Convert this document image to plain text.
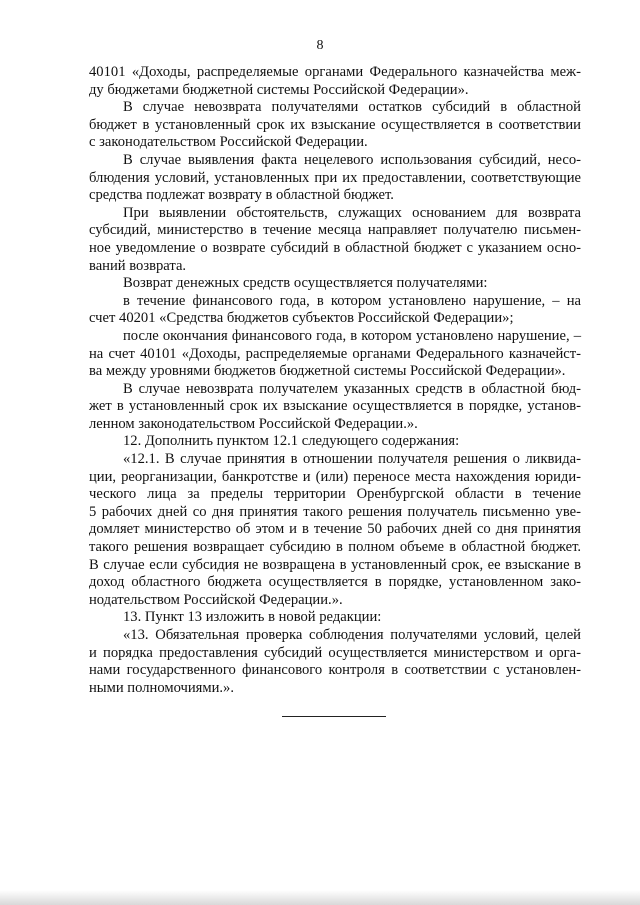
8
40101 «Доходы, распределяемые органами Федерального казначейства меж-
ду бюджетами бюджетной системы Российской Федерации».
В случае невозврата получателями остатков субсидий в областной
бюджет в установленный срок их взыскание осуществляется в соответствии
с законодательством Российской Федерации.
В случае выявления факта нецелевого использования субсидий, несо-
блюдения условий, установленных при их предоставлении, соответствующие
средства подлежат возврату в областной бюджет.
При выявлении обстоятельств, служащих основанием для возврата
субсидий, министерство в течение месяца направляет получателю письмен-
ное уведомление о возврате субсидий в областной бюджет с указанием осно-
ваний возврата.
Возврат денежных средств осуществляется получателями:
в течение финансового года, в котором установлено нарушение, – на
счет 40201 «Средства бюджетов субъектов Российской Федерации»;
после окончания финансового года, в котором установлено нарушение, –
на счет 40101 «Доходы, распределяемые органами Федерального казначейст-
ва между уровнями бюджетов бюджетной системы Российской Федерации».
В случае невозврата получателем указанных средств в областной бюд-
жет в установленный срок их взыскание осуществляется в порядке, установ-
ленном законодательством Российской Федерации.».
12. Дополнить пунктом 12.1 следующего содержания:
«12.1. В случае принятия в отношении получателя решения о ликвида-
ции, реорганизации, банкротстве и (или) переносе места нахождения юриди-
ческого лица за пределы территории Оренбургской области в течение
5 рабочих дней со дня принятия такого решения получатель письменно уве-
домляет министерство об этом и в течение 50 рабочих дней со дня принятия
такого решения возвращает субсидию в полном объеме в областной бюджет.
В случае если субсидия не возвращена в установленный срок, ее взыскание в
доход областного бюджета осуществляется в порядке, установленном зако-
нодательством Российской Федерации.».
13. Пункт 13 изложить в новой редакции:
«13. Обязательная проверка соблюдения получателями условий, целей
и порядка предоставления субсидий осуществляется министерством и орга-
нами государственного финансового контроля в соответствии с установлен-
ными полномочиями.».
